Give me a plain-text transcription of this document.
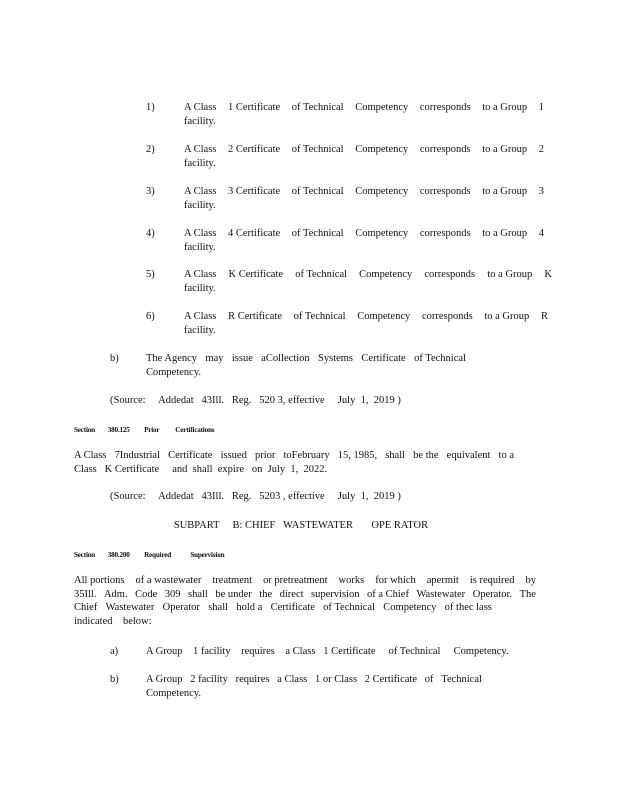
1)	A Class 1 Certificate of Technical Competency corresponds to a Group 1
facility.
2)	A Class 2 Certificate of Technical Competency corresponds to a Group 2
facility.
3)	A Class 3 Certificate of Technical Competency corresponds to a Group 3
facility.
4)	A Class 4 Certificate of Technical Competency corresponds to a Group 4
facility.
5)	A Class K Certificate of Technical Competency corresponds to a Group K
facility.
6)	A Class R Certificate of Technical Competency corresponds to a Group R
facility.
b)	The Agency may issue aCollection Systems Certificate of Technical
Competency.
(Source:     Addedat   43Ill.   Reg.   520 3, effective     July  1,  2019 )
Section        380.125         Prior          Certifications
A Class 7Industrial Certificate issued prior toFebruary 15, 1985, shall be the equivalent to a
Class   K Certificate     and  shall  expire   on  July  1,  2022.
(Source:     Addedat   43Ill.   Reg.   5203 , effective     July  1,  2019 )
SUBPART     B: CHIEF   WASTEWATER       OPE RATOR
Section        380.200         Required            Supervision
All portions of a wastewater treatment or pretreatment works for which apermit is required by
35Ill. Adm. Code 309 shall be under the direct supervision of a Chief Wastewater Operator. The
Chief Wastewater Operator shall hold a Certificate of Technical Competency of thec lass
indicated    below:
a)	A Group    1 facility    requires    a Class   1 Certificate     of Technical     Competency.
b)	A Group 2 facility requires a Class 1 or Class 2 Certificate of Technical
Competency.
